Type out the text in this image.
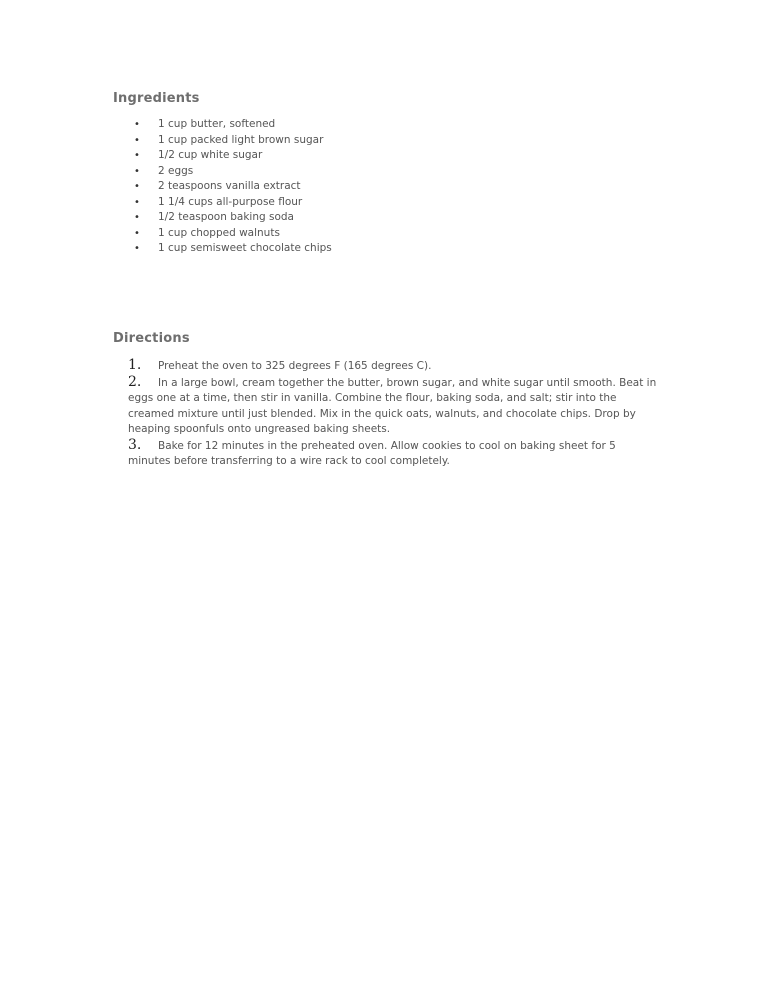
Ingredients
• 1 cup butter, softened
• 1 cup packed light brown sugar
• 1/2 cup white sugar
• 2 eggs
• 2 teaspoons vanilla extract
• 1 1/4 cups all-purpose flour
• 1/2 teaspoon baking soda
• 1 cup chopped walnuts
• 1 cup semisweet chocolate chips
Directions
1. Preheat the oven to 325 degrees F (165 degrees C).
2. In a large bowl, cream together the butter, brown sugar, and white sugar until smooth. Beat in eggs one at a time, then stir in vanilla. Combine the flour, baking soda, and salt; stir into the creamed mixture until just blended. Mix in the quick oats, walnuts, and chocolate chips. Drop by heaping spoonfuls onto ungreased baking sheets.
3. Bake for 12 minutes in the preheated oven. Allow cookies to cool on baking sheet for 5 minutes before transferring to a wire rack to cool completely.
